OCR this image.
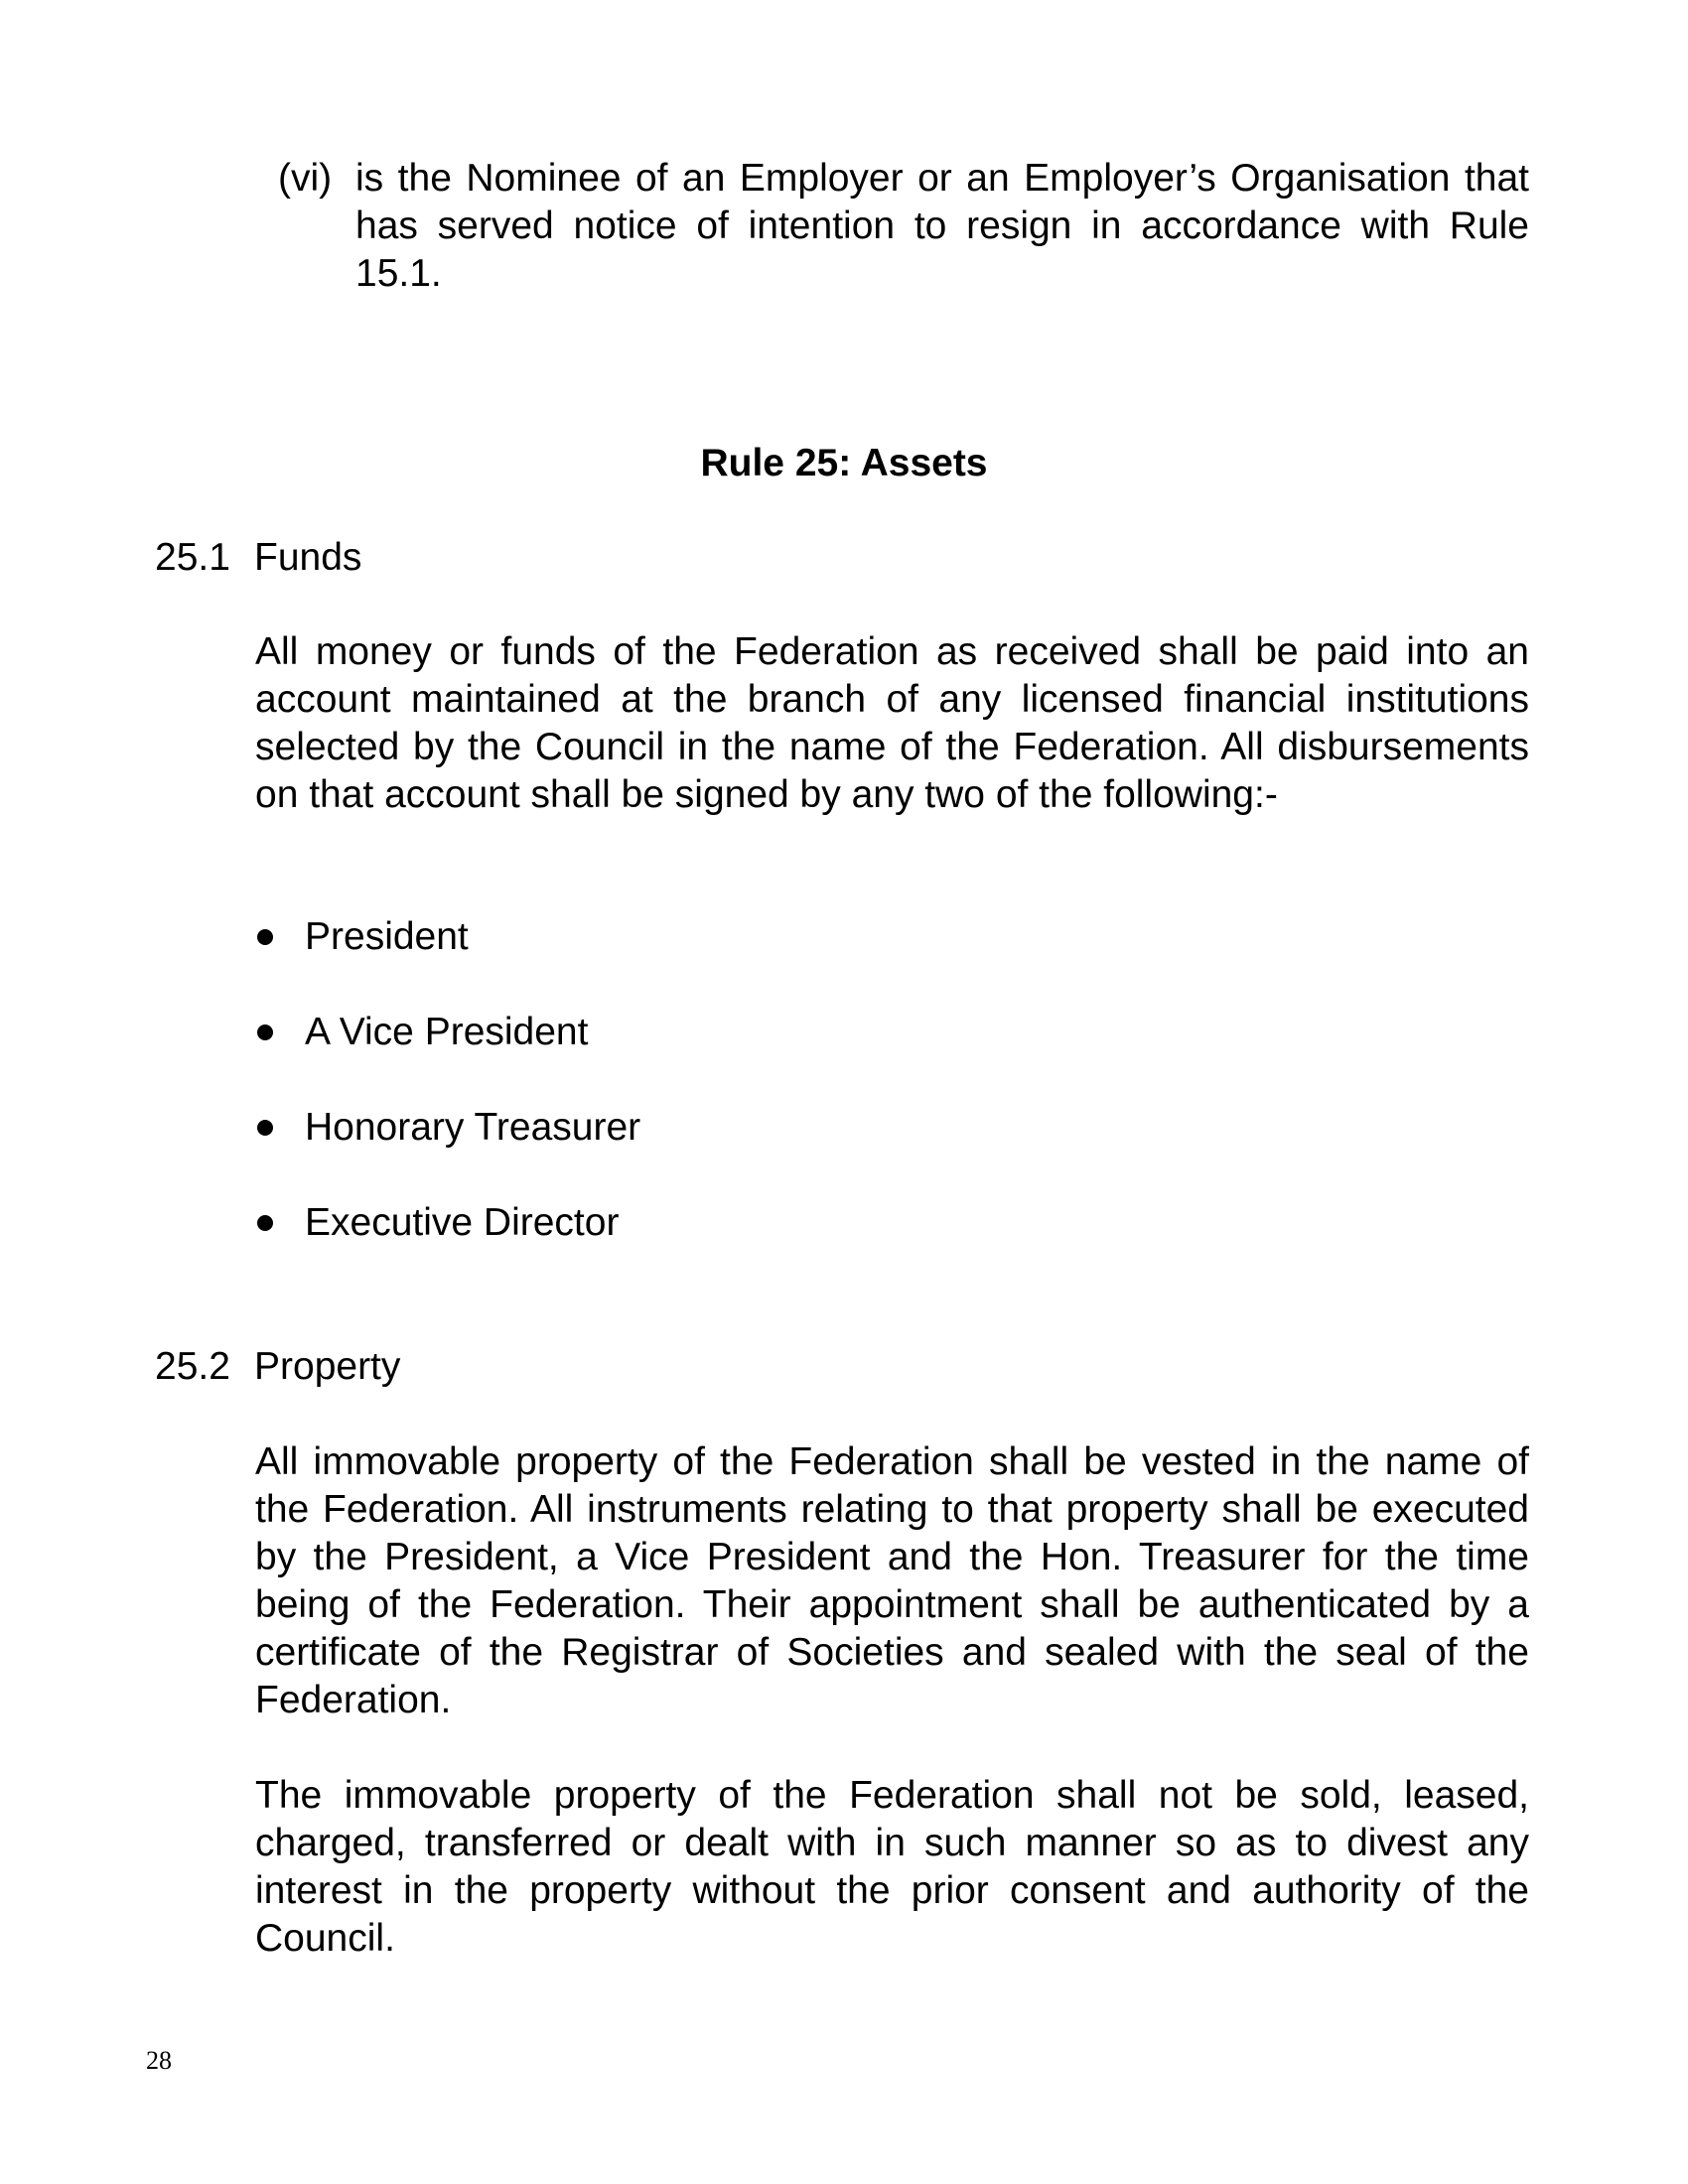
(vi) is the Nominee of an Employer or an Employer’s Organisation that has served notice of intention to resign in accordance with Rule 15.1.
Rule 25: Assets
25.1 Funds
All money or funds of the Federation as received shall be paid into an account maintained at the branch of any licensed financial institutions selected by the Council in the name of the Federation. All disbursements on that account shall be signed by any two of the following:-
President
A Vice President
Honorary Treasurer
Executive Director
25.2 Property
All immovable property of the Federation shall be vested in the name of the Federation. All instruments relating to that property shall be executed by the President, a Vice President and the Hon. Treasurer for the time being of the Federation. Their appointment shall be authenticated by a certificate of the Registrar of Societies and sealed with the seal of the Federation.
The immovable property of the Federation shall not be sold, leased, charged, transferred or dealt with in such manner so as to divest any interest in the property without the prior consent and authority of the Council.
28
